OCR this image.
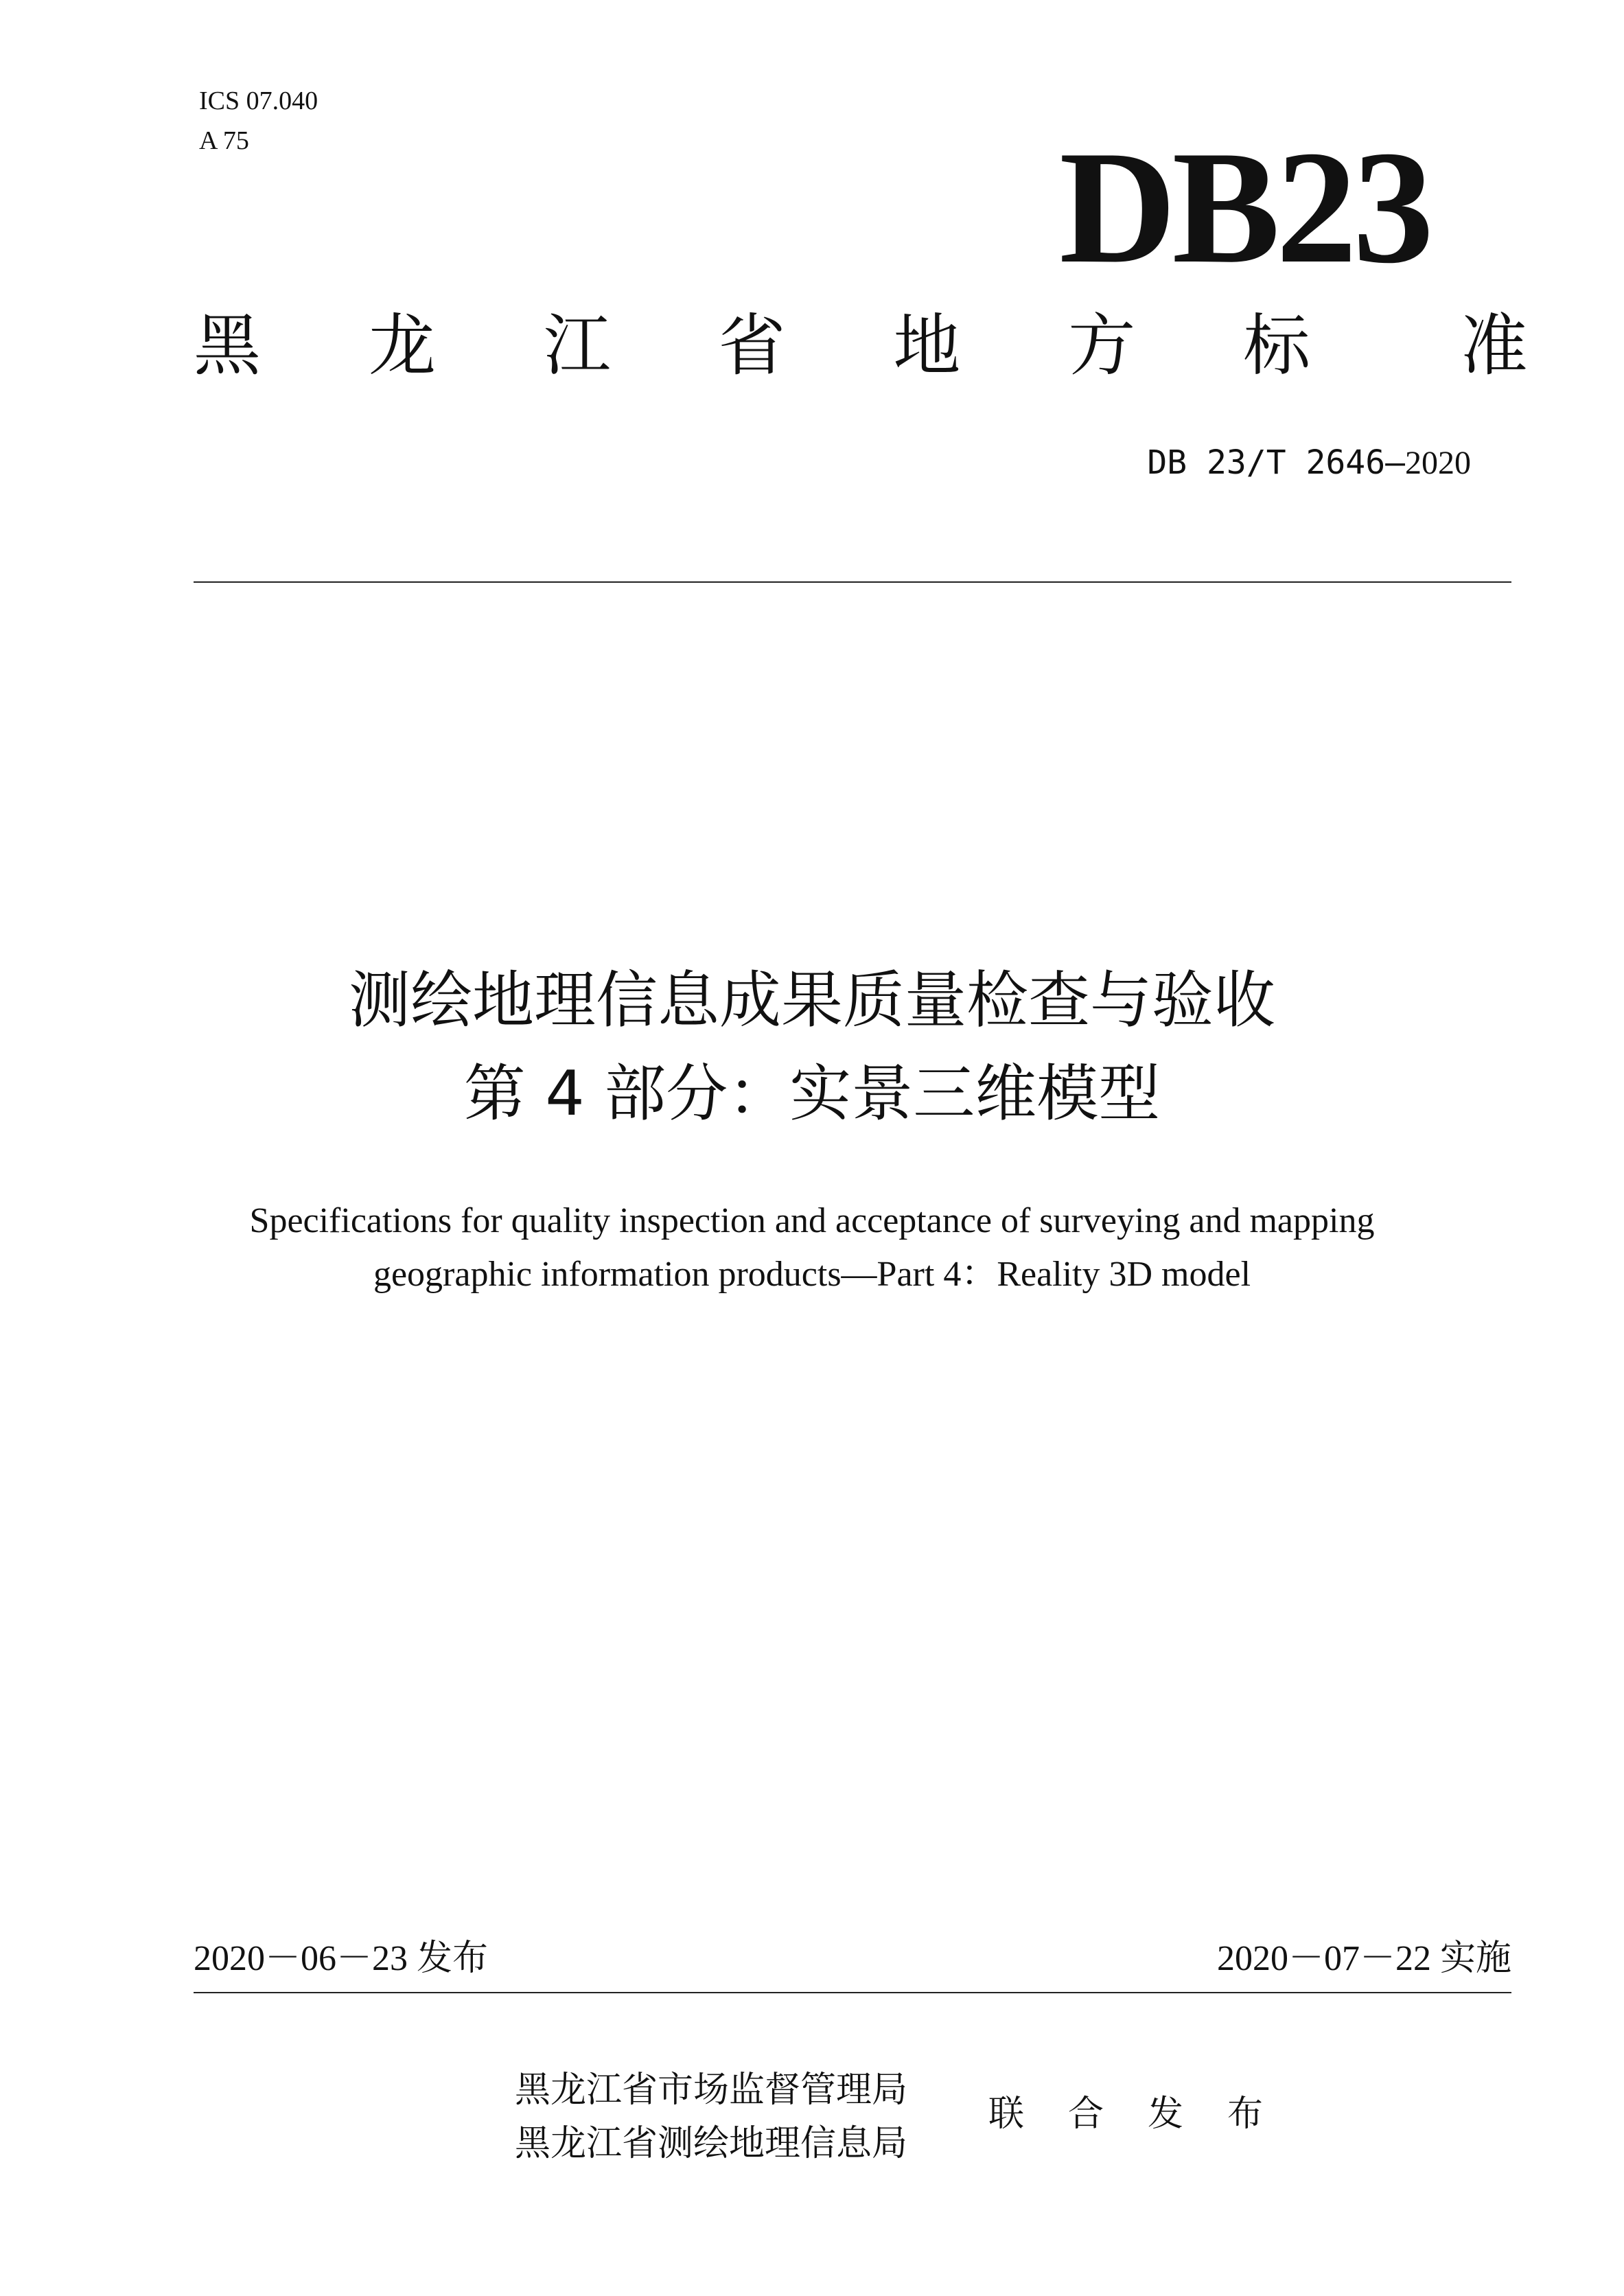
ICS 07.040
A 75	DB23
黑	龙	江	省	地	方	标	准
DB 23/T 2646—2020
测绘地理信息成果质量检查与验收
第 4 部分：实景三维模型
Specifications for quality inspection and acceptance of surveying and mapping
geographic information products—Part 4：Reality 3D model
2020－06－23 发布	2020－07－22 实施
黑龙江省市场监督管理局
黑龙江省测绘地理信息局
联合发布
